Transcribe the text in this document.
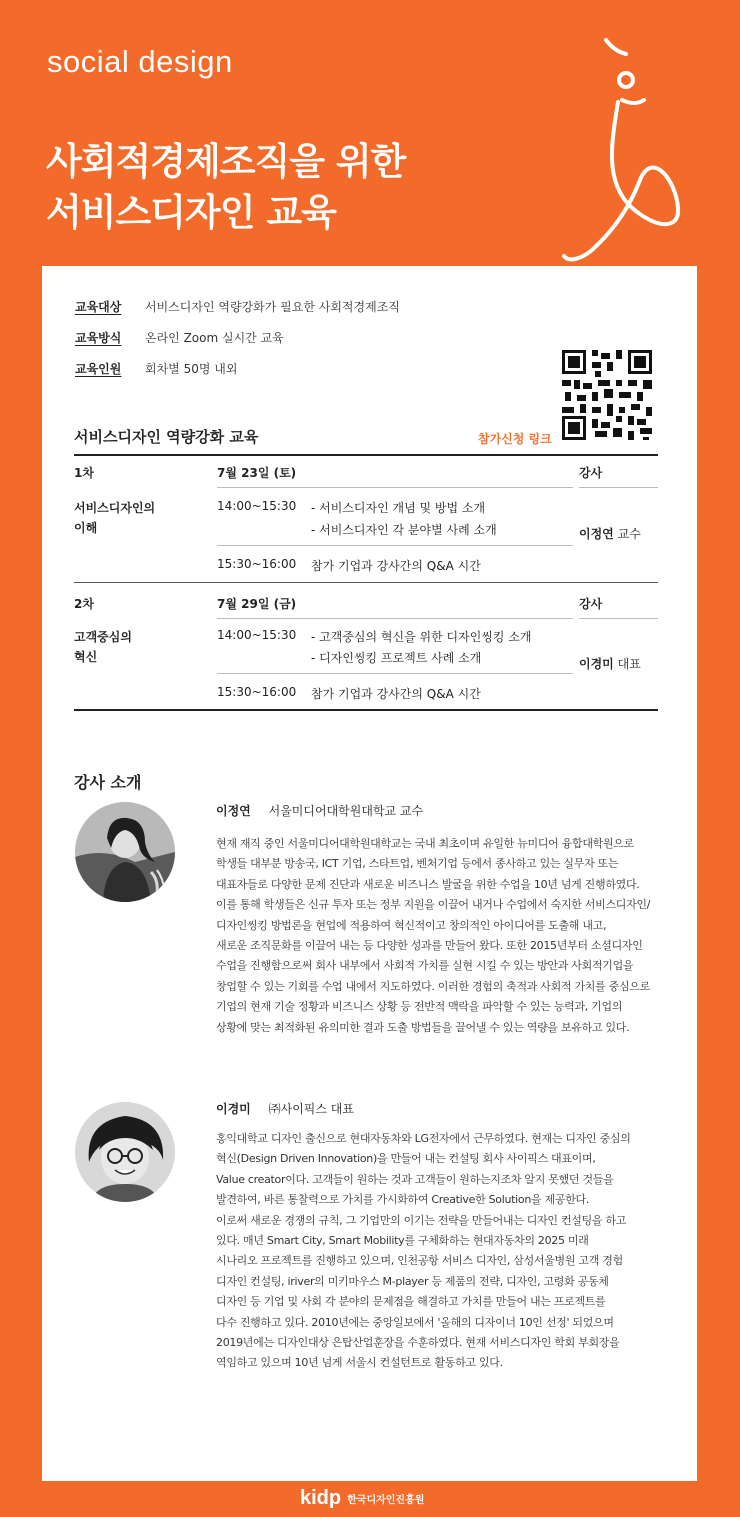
social design
사회적경제조직을 위한
서비스디자인 교육
교육대상	서비스디자인 역량강화가 필요한 사회적경제조직
교육방식	온라인 Zoom 실시간 교육
교육인원	회차별 50명 내외
참가신청 링크
서비스디자인 역량강화 교육
1차	7월 23일 (토)	강사
서비스디자인의
이해
14:00~15:30 - 서비스디자인 개념 및 방법 소개
- 서비스디자인 각 분야별 사례 소개	이정연 교수
15:30~16:00 참가 기업과 강사간의 Q&A 시간
2차	7월 29일 (금)	강사
고객중심의
혁신
14:00~15:30 - 고객중심의 혁신을 위한 디자인씽킹 소개
- 디자인씽킹 프로젝트 사례 소개	이경미 대표
15:30~16:00 참가 기업과 강사간의 Q&A 시간
강사 소개
이정연 서울미디어대학원대학교 교수
현재 재직 중인 서울미디어대학원대학교는 국내 최초이며 유일한 뉴미디어 융합대학원으로
학생들 대부분 방송국, ICT 기업, 스타트업, 벤처기업 등에서 종사하고 있는 실무자 또는
대표자들로 다양한 문제 진단과 새로운 비즈니스 발굴을 위한 수업을 10년 넘게 진행하였다.
이를 통해 학생들은 신규 투자 또는 정부 지원을 이끌어 내거나 수업에서 숙지한 서비스디자인/
디자인씽킹 방법론을 현업에 적용하여 혁신적이고 창의적인 아이디어를 도출해 내고,
새로운 조직문화를 이끌어 내는 등 다양한 성과를 만들어 왔다. 또한 2015년부터 소셜디자인
수업을 진행함으로써 회사 내부에서 사회적 가치를 실현 시킬 수 있는 방안과 사회적기업을
창업할 수 있는 기회를 수업 내에서 지도하였다. 이러한 경험의 축적과 사회적 가치를 중심으로
기업의 현재 기술 정황과 비즈니스 상황 등 전반적 맥락을 파악할 수 있는 능력과, 기업의
상황에 맞는 최적화된 유의미한 결과 도출 방법들을 끌어낼 수 있는 역량을 보유하고 있다.
이경미 ㈜사이픽스 대표
홍익대학교 디자인 출신으로 현대자동차와 LG전자에서 근무하였다. 현재는 디자인 중심의
혁신(Design Driven Innovation)을 만들어 내는 컨설팅 회사 사이픽스 대표이며,
Value creator이다. 고객들이 원하는 것과 고객들이 원하는지조차 알지 못했던 것들을
발견하여, 바른 통찰력으로 가치를 가시화하여 Creative한 Solution을 제공한다.
이로써 새로운 경쟁의 규칙, 그 기업만의 이기는 전략을 만들어내는 디자인 컨설팅을 하고
있다. 매년 Smart City, Smart Mobility를 구체화하는 현대자동차의 2025 미래
시나리오 프로젝트를 진행하고 있으며, 인천공항 서비스 디자인, 삼성서울병원 고객 경험
디자인 컨설팅, iriver의 미키마우스 M-player 등 제품의 전략, 디자인, 고령화 공동체
디자인 등 기업 및 사회 각 분야의 문제점을 해결하고 가치를 만들어 내는 프로젝트를
다수 진행하고 있다. 2010년에는 중앙일보에서 '올해의 디자이너 10인 선정' 되었으며
2019년에는 디자인대상 은탑산업훈장을 수훈하였다. 현재 서비스디자인 학회 부회장을
역임하고 있으며 10년 넘게 서울시 컨설턴트로 활동하고 있다.
kidp 한국디자인진흥원
